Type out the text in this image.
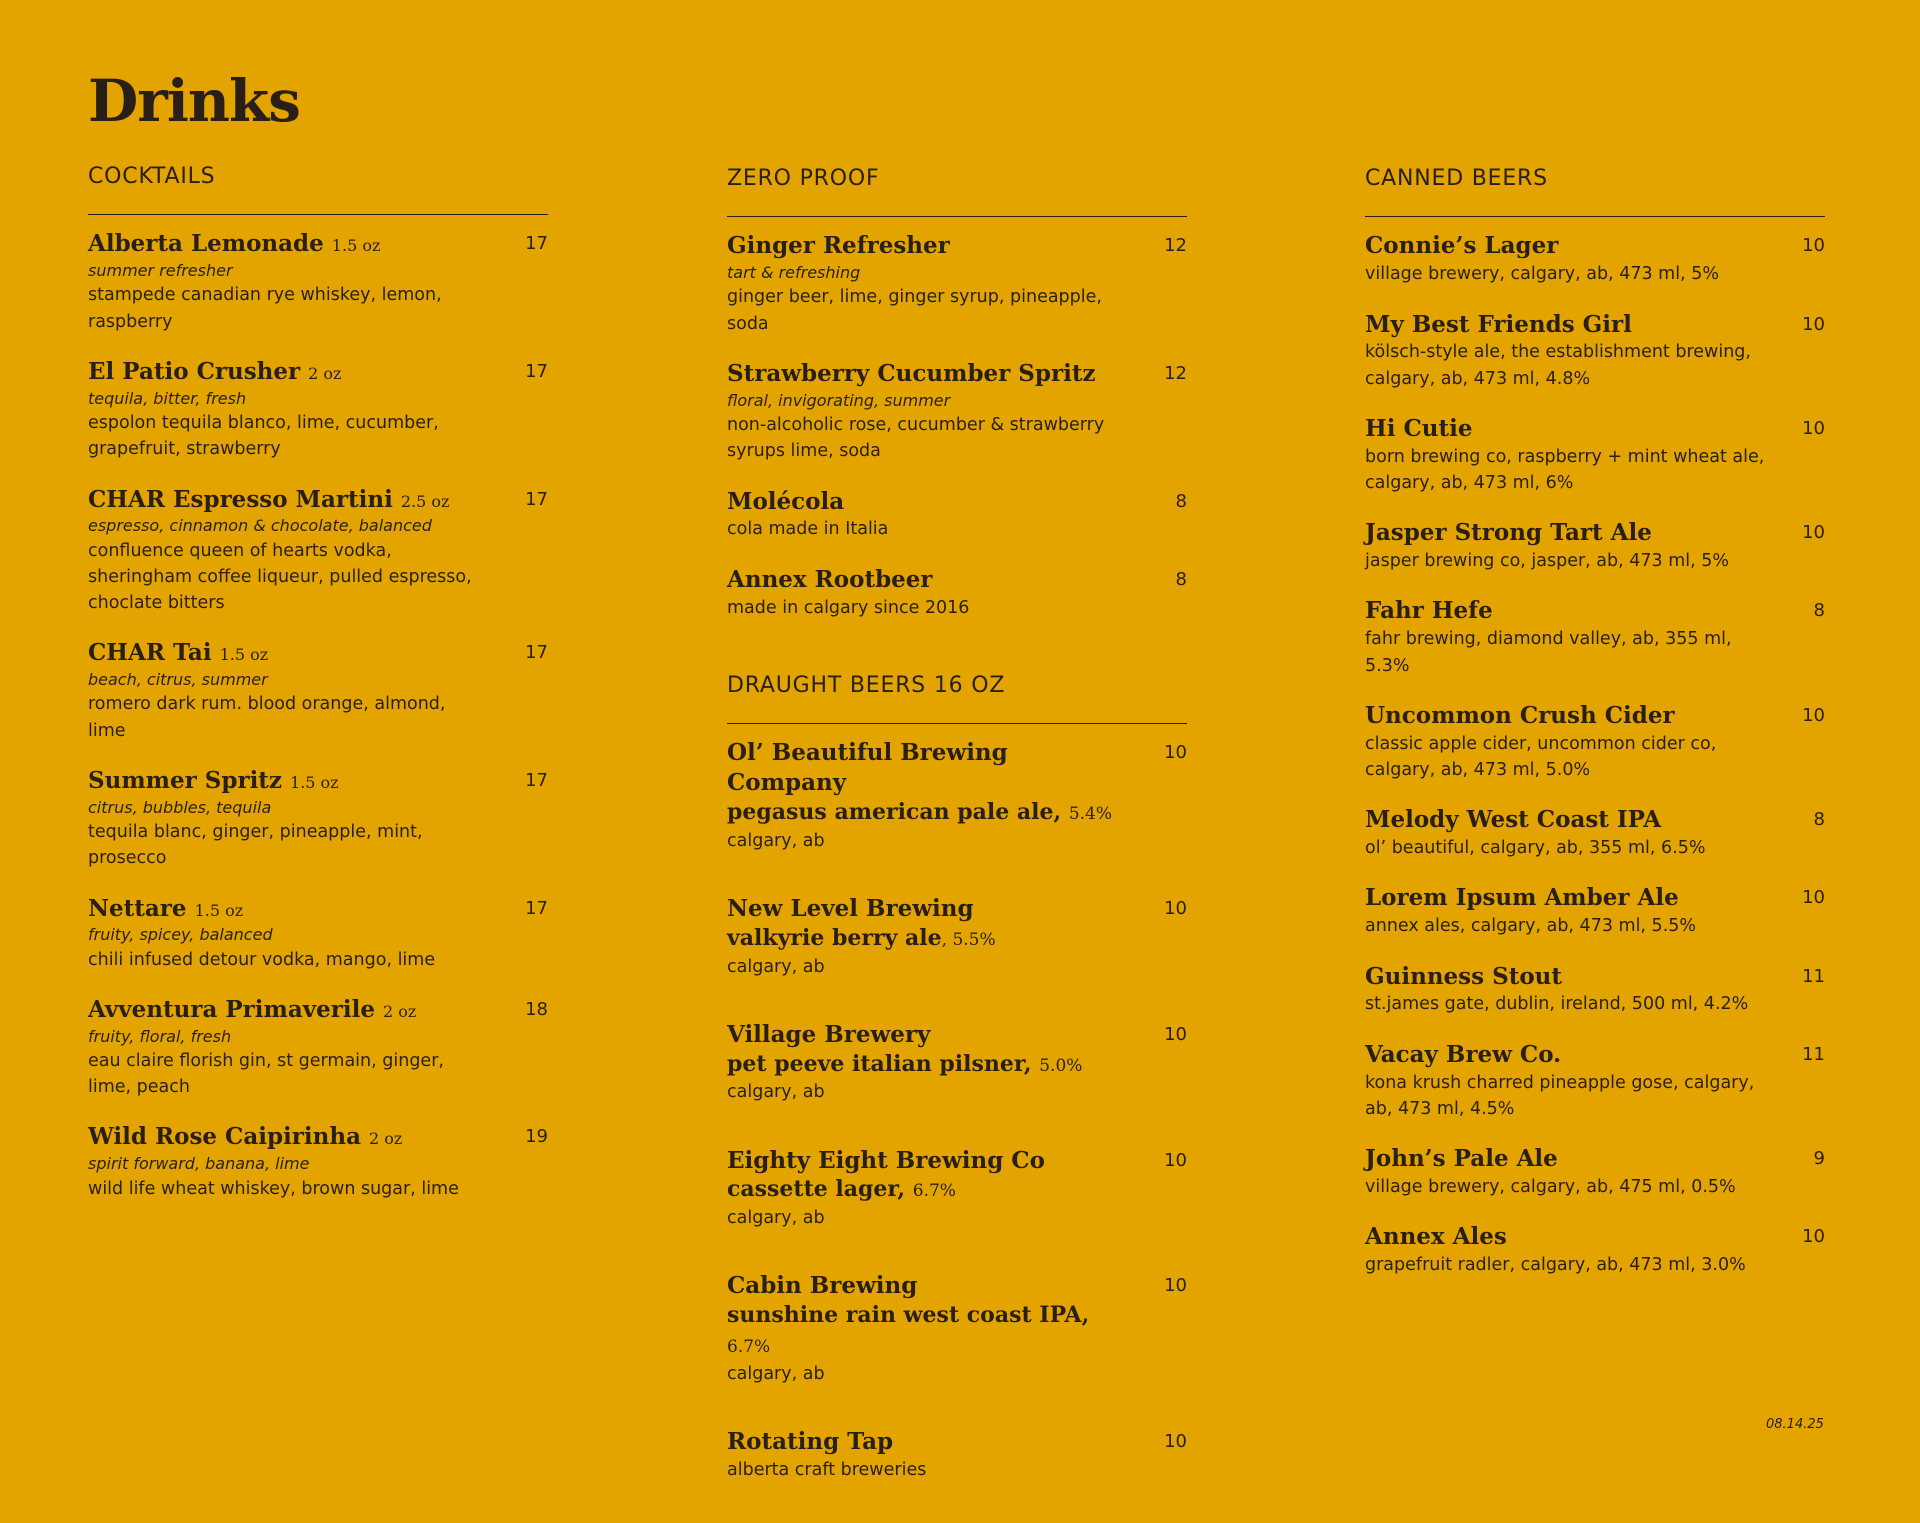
Drinks
COCKTAILS
Alberta Lemonade 1.5 oz	17
summer refresher
stampede canadian rye whiskey, lemon, raspberry
El Patio Crusher 2 oz	17
tequila, bitter, fresh
espolon tequila blanco, lime, cucumber, grapefruit, strawberry
CHAR Espresso Martini 2.5 oz	17
espresso, cinnamon & chocolate, balanced
confluence queen of hearts vodka, sheringham coffee liqueur, pulled espresso, choclate bitters
CHAR Tai 1.5 oz	17
beach, citrus, summer
romero dark rum. blood orange, almond, lime
Summer Spritz 1.5 oz	17
citrus, bubbles, tequila
tequila blanc, ginger, pineapple, mint, prosecco
Nettare 1.5 oz	17
fruity, spicey, balanced
chili infused detour vodka, mango, lime
Avventura Primaverile 2 oz	18
fruity, floral, fresh
eau claire florish gin, st germain, ginger, lime, peach
Wild Rose Caipirinha 2 oz	19
spirit forward, banana, lime
wild life wheat whiskey, brown sugar, lime
ZERO PROOF
Ginger Refresher	12
tart & refreshing
ginger beer, lime, ginger syrup, pineapple, soda
Strawberry Cucumber Spritz	12
floral, invigorating, summer
non-alcoholic rose, cucumber & strawberry syrups lime, soda
Molécola	8
cola made in Italia
Annex Rootbeer	8
made in calgary since 2016
DRAUGHT BEERS 16 OZ
Ol’ Beautiful Brewing Company
10
pegasus american pale ale, 5.4%
calgary, ab
New Level Brewing	10
valkyrie berry ale, 5.5%
calgary, ab
Village Brewery	10
pet peeve italian pilsner, 5.0%
calgary, ab
Eighty Eight Brewing Co	10
cassette lager, 6.7%
calgary, ab
Cabin Brewing	10
sunshine rain west coast IPA, 6.7%
calgary, ab
Rotating Tap	10
alberta craft breweries
CANNED BEERS
Connie’s Lager	10
village brewery, calgary, ab, 473 ml, 5%
My Best Friends Girl	10
kölsch-style ale, the establishment brewing, calgary, ab, 473 ml, 4.8%
Hi Cutie	10
born brewing co, raspberry + mint wheat ale, calgary, ab, 473 ml, 6%
Jasper Strong Tart Ale	10
jasper brewing co, jasper, ab, 473 ml, 5%
Fahr Hefe	8
fahr brewing, diamond valley, ab, 355 ml, 5.3%
Uncommon Crush Cider	10
classic apple cider, uncommon cider co, calgary, ab, 473 ml, 5.0%
Melody West Coast IPA	8
ol’ beautiful, calgary, ab, 355 ml, 6.5%
Lorem Ipsum Amber Ale	10
annex ales, calgary, ab, 473 ml, 5.5%
Guinness Stout	11
st.james gate, dublin, ireland, 500 ml, 4.2%
Vacay Brew Co.	11
kona krush charred pineapple gose, calgary, ab, 473 ml, 4.5%
John’s Pale Ale	9
village brewery, calgary, ab, 475 ml, 0.5%
Annex Ales	10
grapefruit radler, calgary, ab, 473 ml, 3.0%
08.14.25
